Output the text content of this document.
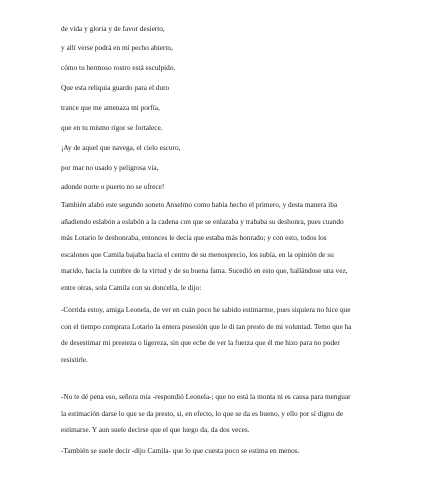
de vida y gloria y de favor desierto,
y allí verse podrá en mi pecho abierto,
cómo tu hermoso rostro está esculpido.
Que esta reliquia guardo para el duro
trance que me amenaza mi porfía,
que en tu mismo rigor se fortalece.
¡Ay de aquel que navega, el cielo escuro,
por mar no usado y peligrosa vía,
adonde norte o puerto no se ofrece!

También alabó este segundo soneto Anselmo como había hecho el primero, y desta manera iba
añadiendo eslabón a eslabón a la cadena con que se enlazaba y trababa su deshonra, pues cuando
más Lotario le deshonraba, entonces le decía que estaba más honrado; y con esto, todos los
escalones que Camila bajaba hacia el centro de su menosprecio, los subía, en la opinión de su
marido, hacia la cumbre de la virtud y de su buena fama. Sucedió en esto que, hallándose una vez,
entre otras, sola Camila con su doncella, le dijo:

-Corrida estoy, amiga Leonela, de ver en cuán poco he sabido estimarme, pues siquiera no hice que
con el tiempo comprara Lotario la entera posesión que le di tan presto de mi voluntad. Temo que ha
de desestimar mi presteza o ligereza, sin que eche de ver la fuerza que él me hizo para no poder
resistirle.

-No te dé pena eso, señora mía -respondió Leonela-; que no está la monta ni es causa para menguar
la estimación darse lo que se da presto, si, en efecto, lo que se da es bueno, y ello por sí digno de
estimarse. Y aun suele decirse que el que luego da, da dos veces.

-También se suele decir -dijo Camila- que lo que cuesta poco se estima en menos.
